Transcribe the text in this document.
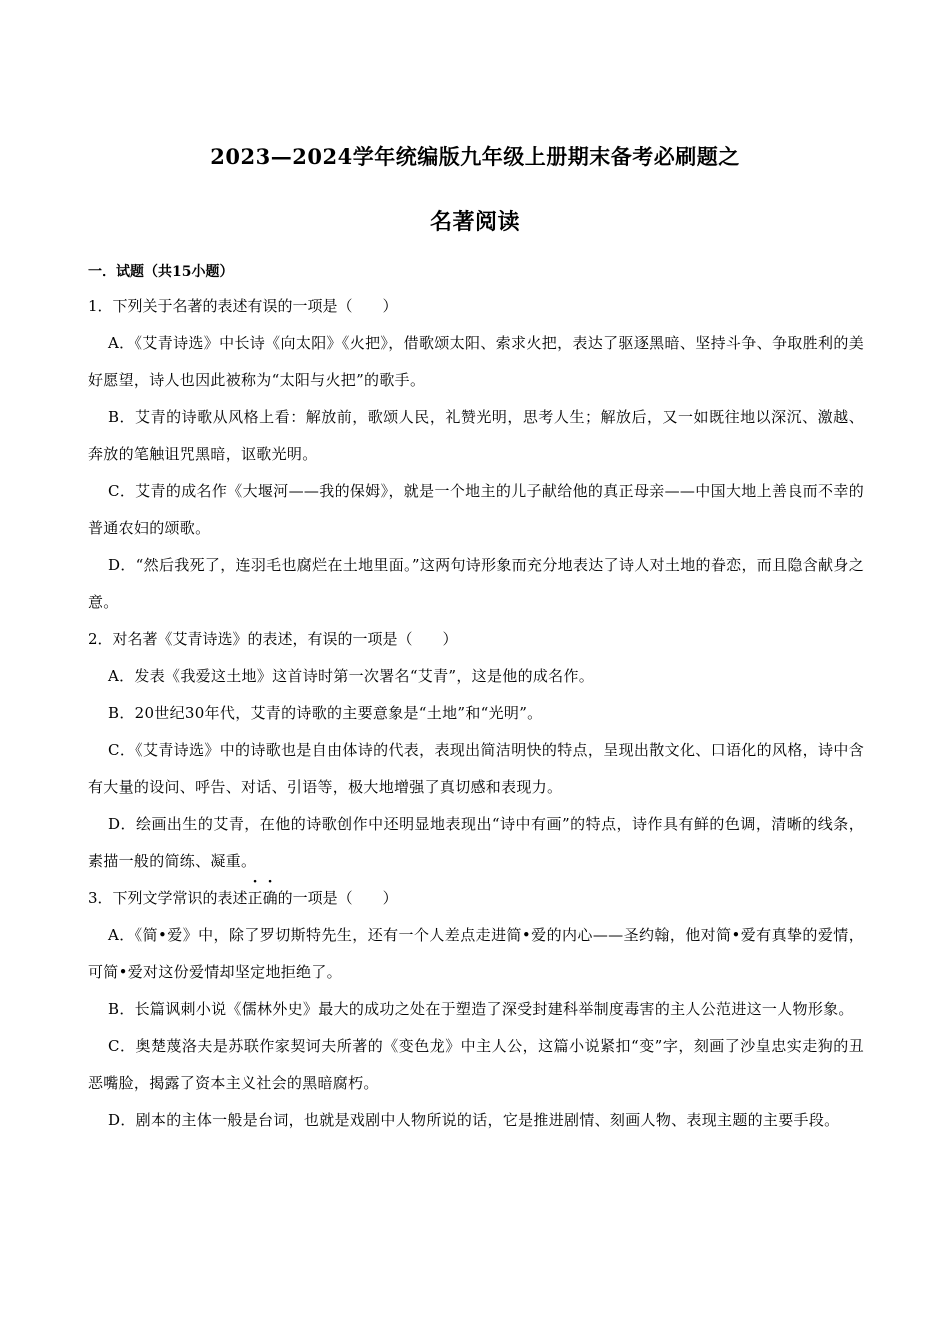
2023—2024学年统编版九年级上册期末备考必刷题之
名著阅读
一．试题（共15小题）
1．下列关于名著的表述有误的一项是（　　）

A．《艾青诗选》中长诗《向太阳》《火把》，借歌颂太阳、索求火把，表达了驱逐黑暗、坚持斗争、争取胜利的美好愿望，诗人也因此被称为“太阳与火把”的歌手。

B．艾青的诗歌从风格上看：解放前，歌颂人民，礼赞光明，思考人生；解放后，又一如既往地以深沉、激越、奔放的笔触诅咒黑暗，讴歌光明。

C．艾青的成名作《大堰河——我的保姆》，就是一个地主的儿子献给他的真正母亲——中国大地上善良而不幸的普通农妇的颂歌。

D．“然后我死了，连羽毛也腐烂在土地里面。”这两句诗形象而充分地表达了诗人对土地的眷恋，而且隐含献身之意。

2．对名著《艾青诗选》的表述，有误的一项是（　　）

A．发表《我爱这土地》这首诗时第一次署名“艾青”，这是他的成名作。

B．20世纪30年代，艾青的诗歌的主要意象是“土地”和“光明”。

C．《艾青诗选》中的诗歌也是自由体诗的代表，表现出简洁明快的特点，呈现出散文化、口语化的风格，诗中含有大量的设问、呼告、对话、引语等，极大地增强了真切感和表现力。

D．绘画出生的艾青，在他的诗歌创作中还明显地表现出“诗中有画”的特点，诗作具有鲜的色调，清晰的线条，素描一般的简练、凝重。

3．下列文学常识的表述正确的一项是（　　）

A．《简•爱》中，除了罗切斯特先生，还有一个人差点走进简•爱的内心——圣约翰，他对简•爱有真挚的爱情，可简•爱对这份爱情却坚定地拒绝了。

B．长篇讽刺小说《儒林外史》最大的成功之处在于塑造了深受封建科举制度毒害的主人公范进这一人物形象。

C．奥楚蔑洛夫是苏联作家契诃夫所著的《变色龙》中主人公，这篇小说紧扣“变”字，刻画了沙皇忠实走狗的丑恶嘴脸，揭露了资本主义社会的黑暗腐朽。

D．剧本的主体一般是台词，也就是戏剧中人物所说的话，它是推进剧情、刻画人物、表现主题的主要手段。
